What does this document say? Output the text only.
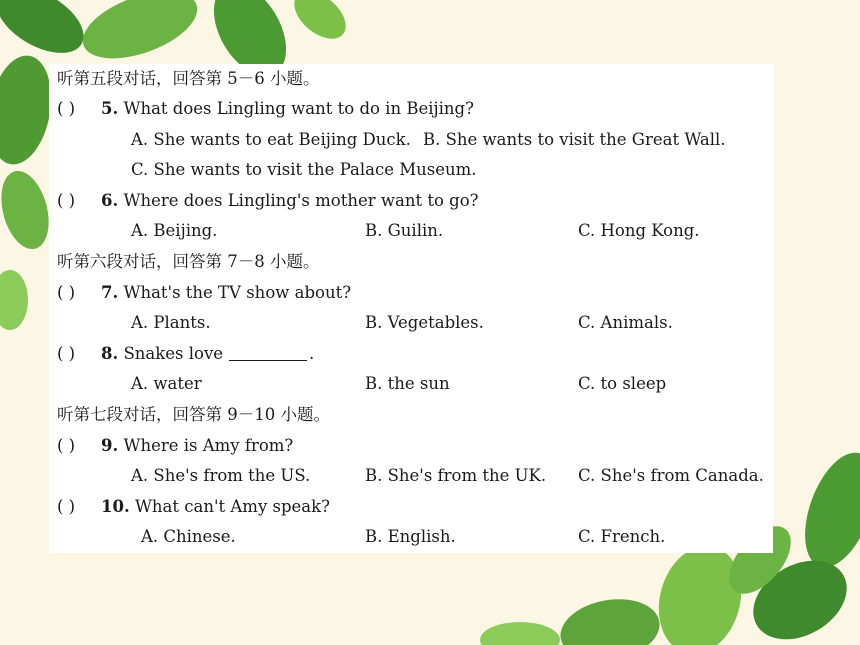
听第五段对话，回答第 5－6 小题。
( ) 5. What does Lingling want to do in Beijing?
A. She wants to eat Beijing Duck. B. She wants to visit the Great Wall.
C. She wants to visit the Palace Museum.
( ) 6. Where does Lingling's mother want to go?
A. Beijing.	B. Guilin.	C. Hong Kong.
听第六段对话，回答第 7－8 小题。
( ) 7. What's the TV show about?
A. Plants.	B. Vegetables.	C. Animals.
( ) 8. Snakes love	.
A. water	B. the sun	C. to sleep
听第七段对话，回答第 9－10 小题。
( ) 9. Where is Amy from?
A. She's from the US.	B. She's from the UK. C. She's from Canada.
( ) 10. What can't Amy speak?
A. Chinese.	B. English.	C. French.
